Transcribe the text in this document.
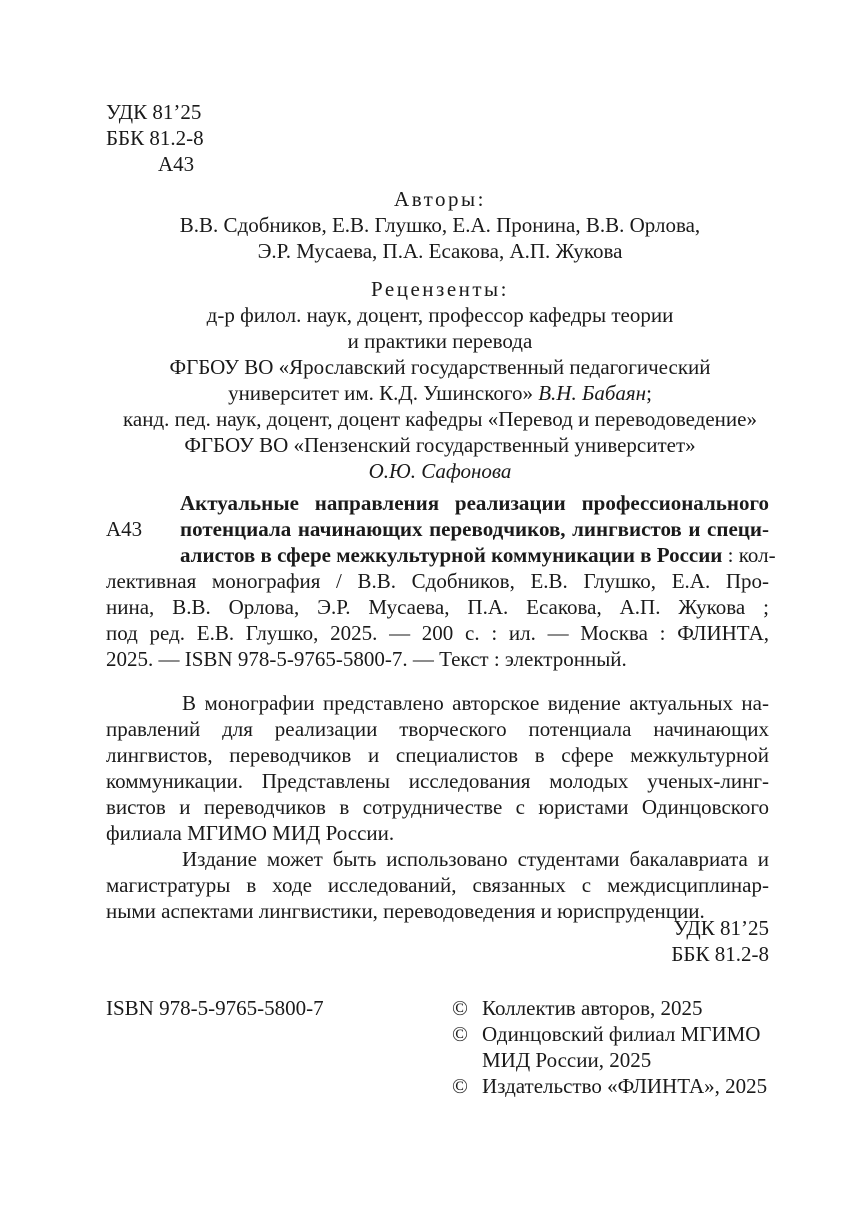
УДК 81’25
ББК 81.2-8
А43
Авторы:
В.В. Сдобников, Е.В. Глушко, Е.А. Пронина, В.В. Орлова,
Э.Р. Мусаева, П.А. Есакова, А.П. Жукова
Рецензенты:
д-р филол. наук, доцент, профессор кафедры теории
и практики перевода
ФГБОУ ВО «Ярославский государственный педагогический
университет им. К.Д. Ушинского» В.Н. Бабаян;
канд. пед. наук, доцент, доцент кафедры «Перевод и переводоведение»
ФГБОУ ВО «Пензенский государственный университет»
О.Ю. Сафонова
А43
Актуальные направления реализации профессионального
потенциала начинающих переводчиков, лингвистов и специ-
алистов в сфере межкультурной коммуникации в России : кол-
лективная монография / В.В. Сдобников, Е.В. Глушко, Е.А. Про-
нина, В.В. Орлова, Э.Р. Мусаева, П.А. Есакова, А.П. Жукова ;
под ред. Е.В. Глушко, 2025. — 200 с. : ил. — Москва : ФЛИНТА,
2025. — ISBN 978-5-9765-5800-7. — Текст : электронный.
В монографии представлено авторское видение актуальных на-
правлений для реализации творческого потенциала начинающих
лингвистов, переводчиков и специалистов в сфере межкультурной
коммуникации. Представлены исследования молодых ученых-линг-
вистов и переводчиков в сотрудничестве с юристами Одинцовского
филиала МГИМО МИД России.
Издание может быть использовано студентами бакалавриата и
магистратуры в ходе исследований, связанных с междисциплинар-
ными аспектами лингвистики, переводоведения и юриспруденции.
УДК 81’25
ББК 81.2-8
ISBN 978-5-9765-5800-7	© Коллектив авторов, 2025
© Одинцовский филиал МГИМО
МИД России, 2025
© Издательство «ФЛИНТА», 2025
